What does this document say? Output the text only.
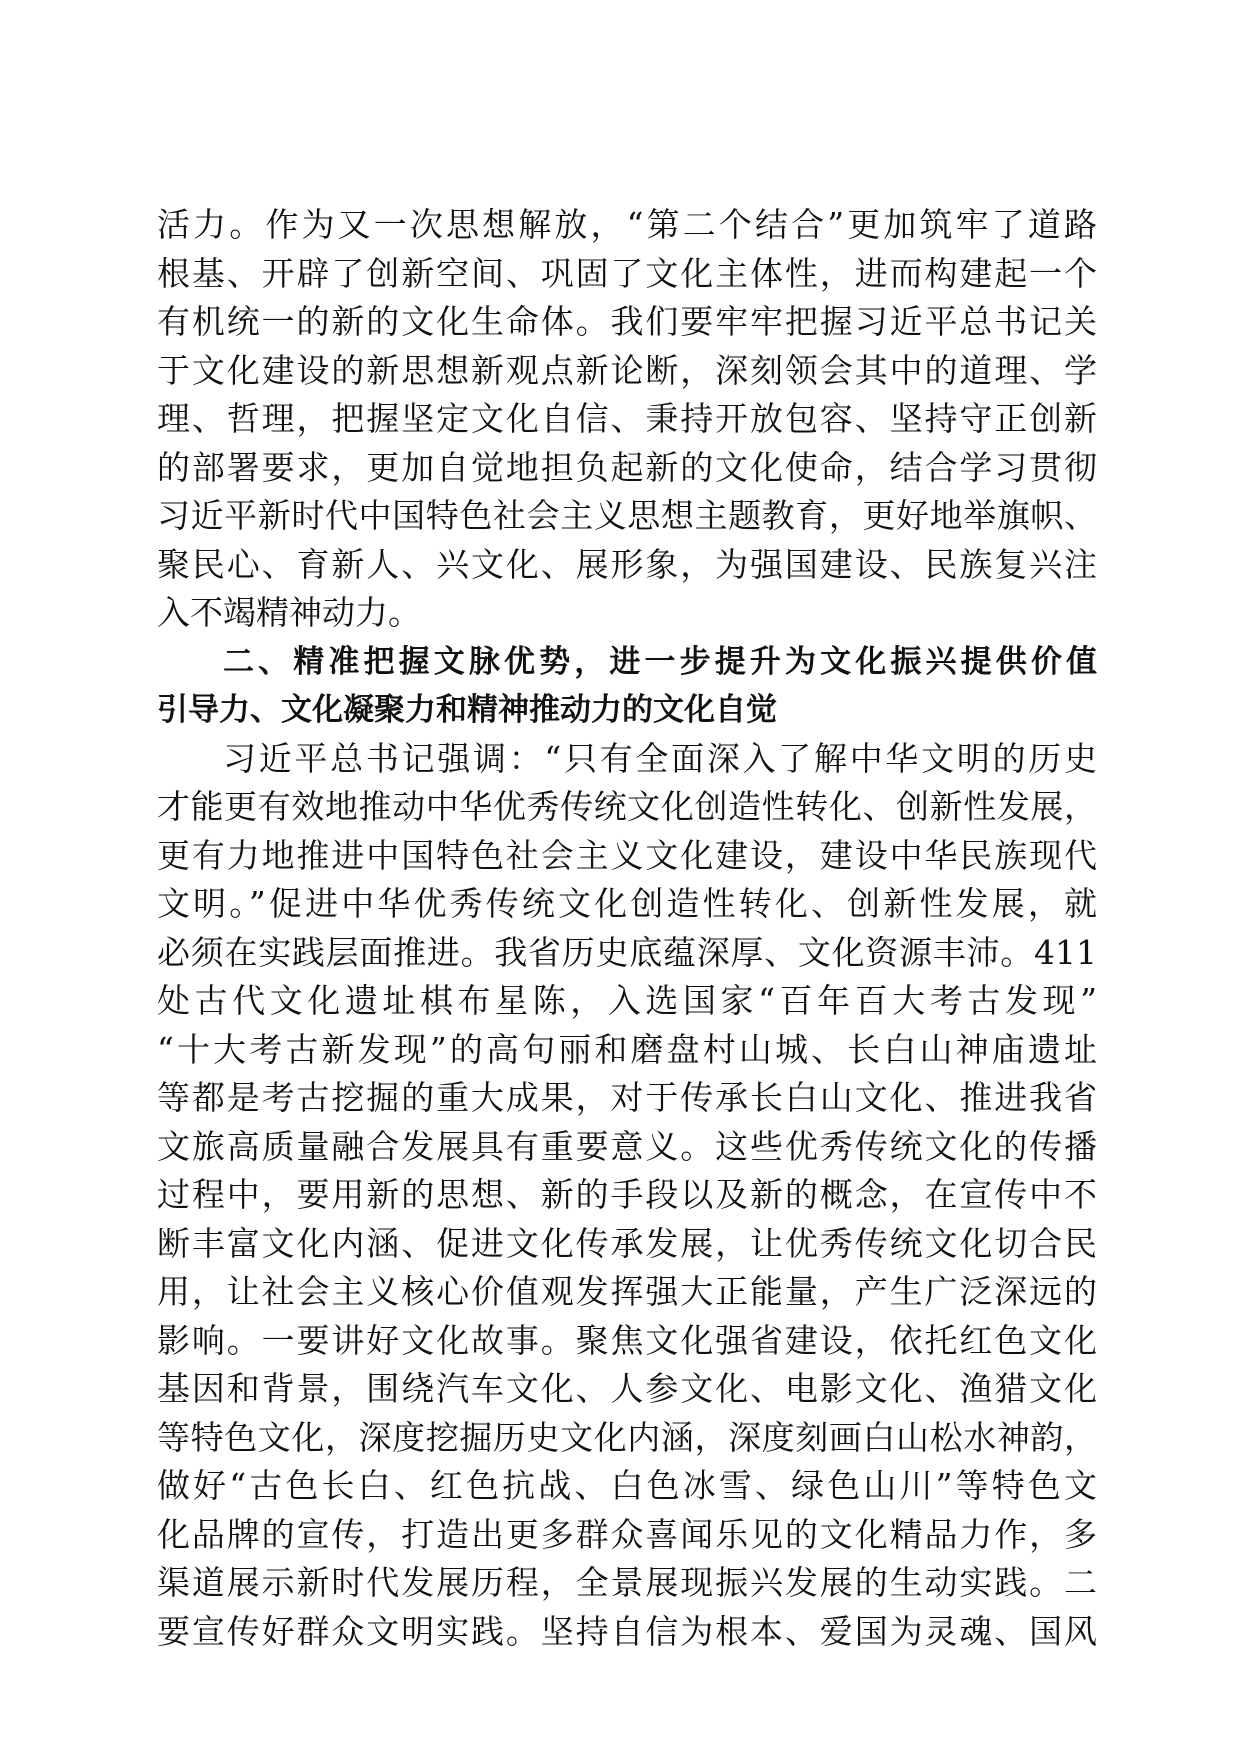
活力。作为又一次思想解放，“第二个结合”更加筑牢了道路
根基、开辟了创新空间、巩固了文化主体性，进而构建起一个
有机统一的新的文化生命体。我们要牢牢把握习近平总书记关
于文化建设的新思想新观点新论断，深刻领会其中的道理、学
理、哲理，把握坚定文化自信、秉持开放包容、坚持守正创新
的部署要求，更加自觉地担负起新的文化使命，结合学习贯彻
习近平新时代中国特色社会主义思想主题教育，更好地举旗帜、
聚民心、育新人、兴文化、展形象，为强国建设、民族复兴注
入不竭精神动力。
二、精准把握文脉优势，进一步提升为文化振兴提供价值
引导力、文化凝聚力和精神推动力的文化自觉
习近平总书记强调：“只有全面深入了解中华文明的历史
才能更有效地推动中华优秀传统文化创造性转化、创新性发展，
更有力地推进中国特色社会主义文化建设，建设中华民族现代
文明。”促进中华优秀传统文化创造性转化、创新性发展，就
必须在实践层面推进。我省历史底蕴深厚、文化资源丰沛。411
处古代文化遗址棋布星陈，入选国家“百年百大考古发现”
“十大考古新发现”的高句丽和磨盘村山城、长白山神庙遗址
等都是考古挖掘的重大成果，对于传承长白山文化、推进我省
文旅高质量融合发展具有重要意义。这些优秀传统文化的传播
过程中，要用新的思想、新的手段以及新的概念，在宣传中不
断丰富文化内涵、促进文化传承发展，让优秀传统文化切合民
用，让社会主义核心价值观发挥强大正能量，产生广泛深远的
影响。一要讲好文化故事。聚焦文化强省建设，依托红色文化
基因和背景，围绕汽车文化、人参文化、电影文化、渔猎文化
等特色文化，深度挖掘历史文化内涵，深度刻画白山松水神韵，
做好“古色长白、红色抗战、白色冰雪、绿色山川”等特色文
化品牌的宣传，打造出更多群众喜闻乐见的文化精品力作，多
渠道展示新时代发展历程，全景展现振兴发展的生动实践。二
要宣传好群众文明实践。坚持自信为根本、爱国为灵魂、国风
